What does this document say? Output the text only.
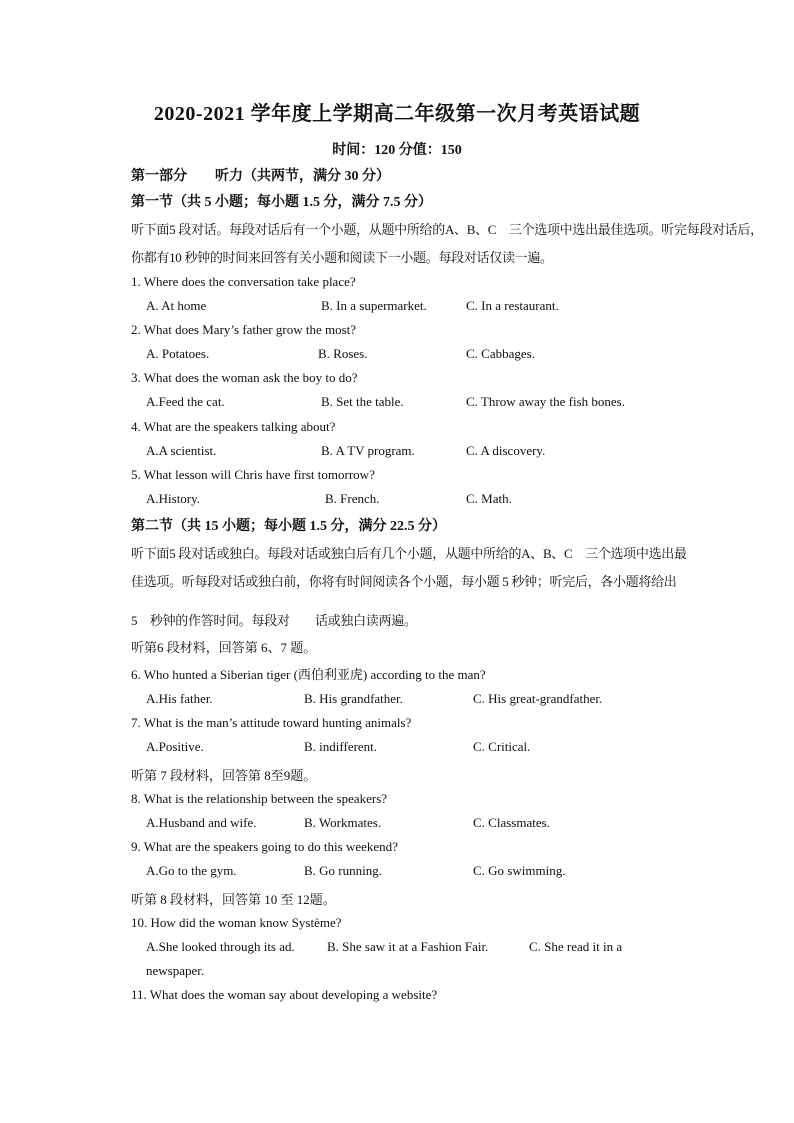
2020-2021 学年度上学期高二年级第一次月考英语试题
时间：120 分值：150
第一部分　　听力（共两节，满分 30 分）
第一节（共 5 小题；每小题 1.5 分，满分 7.5 分）
听下面5 段对话。每段对话后有一个小题，从题中所给的A、B、C　三个选项中选出最佳选项。听完每段对话后，
你都有10 秒钟的时间来回答有关小题和阅读下一小题。每段对话仅读一遍。
1. Where does the conversation take place?
A. At home	B. In a supermarket.	C. In a restaurant.
2. What does Mary’s father grow the most?
A. Potatoes.	B. Roses.	C. Cabbages.
3. What does the woman ask the boy to do?
A.Feed the cat.	B. Set the table.	C. Throw away the fish bones.
4. What are the speakers talking about?
A.A scientist.	B. A TV program.	C. A discovery.
5. What lesson will Chris have first tomorrow?
A.History.	B. French.	C. Math.
第二节（共 15 小题；每小题 1.5 分，满分 22.5 分）
听下面5 段对话或独白。每段对话或独白后有几个小题，从题中所给的A、B、C　三个选项中选出最
佳选项。听每段对话或独白前，你将有时间阅读各个小题，每小题 5 秒钟；听完后，各小题将给出
5　秒钟的作答时间。每段对　　话或独白读两遍。
听第6 段材料，回答第 6、7 题。
6. Who hunted a Siberian tiger (西伯利亚虎) according to the man?
A.His father.	B. His grandfather.	C. His great-grandfather.
7. What is the man’s attitude toward hunting animals?
A.Positive.	B. indifferent.	C. Critical.
听第 7 段材料，回答第 8至9题。
8. What is the relationship between the speakers?
A.Husband and wife.	B. Workmates.	C. Classmates.
9. What are the speakers going to do this weekend?
A.Go to the gym.	B. Go running.	C. Go swimming.
听第 8 段材料，回答第 10 至 12题。
10. How did the woman know Système?
A.She looked through its ad. B. She saw it at a Fashion Fair.	C. She read it in a
newspaper.
11. What does the woman say about developing a website?
